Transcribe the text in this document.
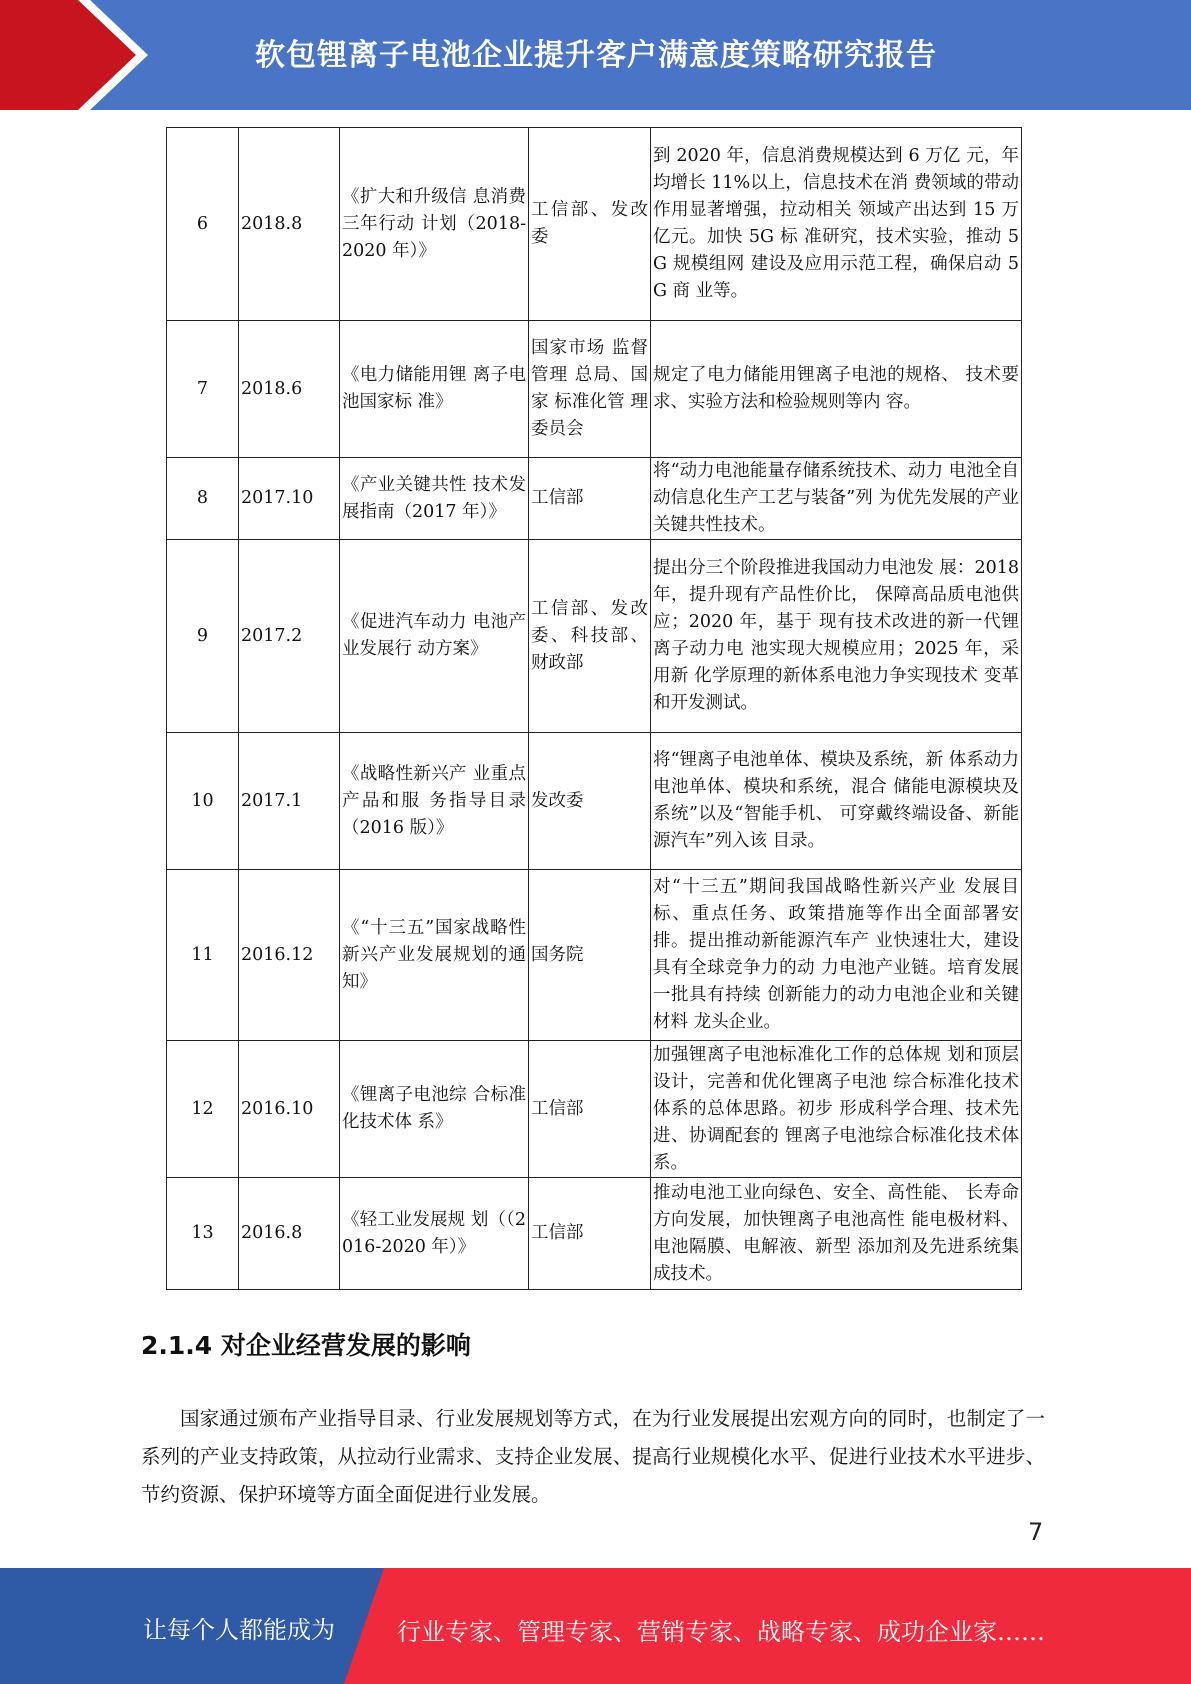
软包锂离子电池企业提升客户满意度策略研究报告
6	2018.8	《扩大和升级信 息消费三年行动 计划（2018-2020 年）》	工信部、发改委	到 2020 年，信息消费规模达到 6 万亿 元，年均增长 11%以上，信息技术在消 费领域的带动作用显著增强，拉动相关 领域产出达到 15 万亿元。加快 5G 标 准研究，技术实验，推动 5G 规模组网 建设及应用示范工程，确保启动 5G 商 业等。
7	2018.6	《电力储能用锂 离子电池国家标 准》	国家市场 监督管理 总局、国家 标准化管 理委员会	规定了电力储能用锂离子电池的规格、 技术要求、实验方法和检验规则等内 容。
8	2017.10	《产业关键共性 技术发展指南（2017 年）》	工信部	将“动力电池能量存储系统技术、动力 电池全自动信息化生产工艺与装备”列 为优先发展的产业关键共性技术。
9	2017.2	《促进汽车动力 电池产业发展行 动方案》	工信部、发改委、科技部、财政部	提出分三个阶段推进我国动力电池发 展：2018 年，提升现有产品性价比， 保障高品质电池供应；2020 年，基于 现有技术改进的新一代锂离子动力电 池实现大规模应用；2025 年，采用新 化学原理的新体系电池力争实现技术 变革和开发测试。
10	2017.1	《战略性新兴产 业重点产品和服 务指导目录（2016 版）》	发改委	将“锂离子电池单体、模块及系统，新 体系动力电池单体、模块和系统，混合 储能电源模块及系统”以及“智能手机、 可穿戴终端设备、新能源汽车”列入该 目录。
11	2016.12	《“十三五”国家战略性新兴产业发展规划的通知》	国务院	对“十三五”期间我国战略性新兴产业 发展目标、重点任务、政策措施等作出全面部署安排。提出推动新能源汽车产 业快速壮大，建设具有全球竞争力的动 力电池产业链。培育发展一批具有持续 创新能力的动力电池企业和关键材料 龙头企业。
12	2016.10	《锂离子电池综 合标准化技术体 系》	工信部	加强锂离子电池标准化工作的总体规 划和顶层设计，完善和优化锂离子电池 综合标准化技术体系的总体思路。初步 形成科学合理、技术先进、协调配套的 锂离子电池综合标准化技术体系。
13	2016.8	《轻工业发展规 划（（2016-2020 年）》	工信部	推动电池工业向绿色、安全、高性能、 长寿命方向发展，加快锂离子电池高性 能电极材料、电池隔膜、电解液、新型 添加剂及先进系统集成技术。
2.1.4 对企业经营发展的影响

国家通过颁布产业指导目录、行业发展规划等方式，在为行业发展提出宏观方向的同时，也制定了一系列的产业支持政策，从拉动行业需求、支持企业发展、提高行业规模化水平、促进行业技术水平进步、节约资源、保护环境等方面全面促进行业发展。

7
让每个人都能成为	行业专家、管理专家、营销专家、战略专家、成功企业家……
